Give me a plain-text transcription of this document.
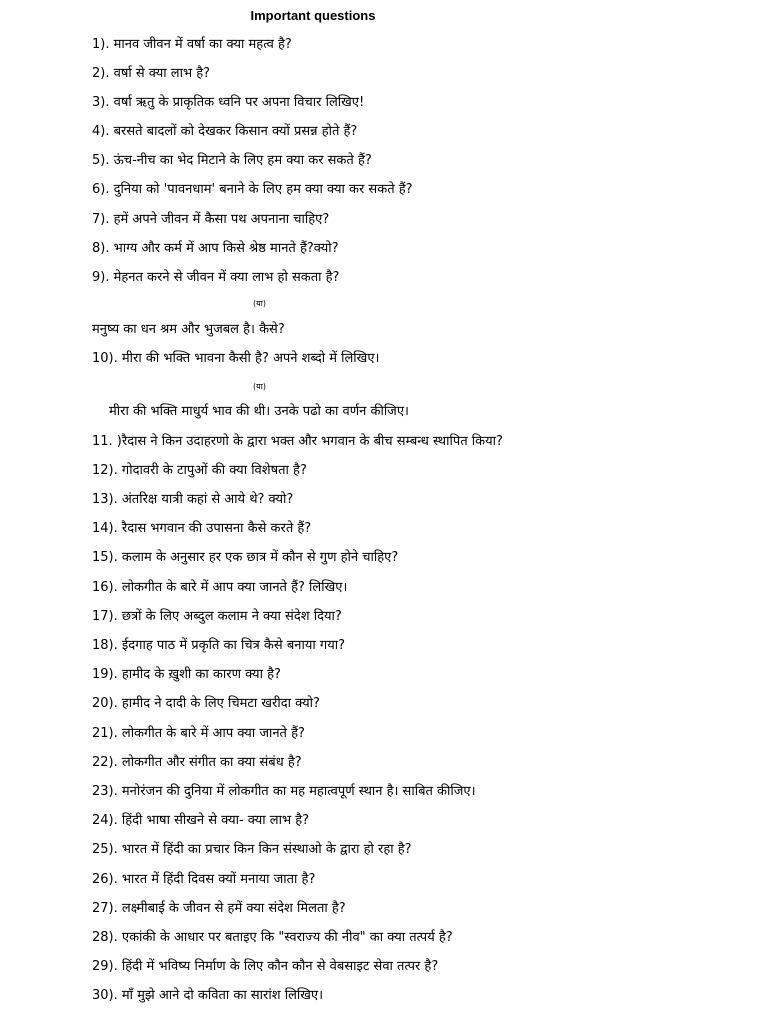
Important questions
1). मानव जीवन में वर्षा का क्या महत्व है?
2). वर्षा से क्या लाभ है?
3). वर्षा ऋतु के प्राकृतिक ध्वनि पर अपना विचार लिखिए!
4). बरसते बादलों को देखकर किसान क्यों प्रसन्न होते हैं?
5). ऊंच-नीच का भेद मिटाने के लिए हम क्या कर सकते हैं?
6). दुनिया को 'पावनधाम' बनाने के लिए हम क्या क्या कर सकते हैं?
7). हमें अपने जीवन में कैसा पथ अपनाना चाहिए?
8). भाग्य और कर्म में आप किसे श्रेष्ठ मानते हैं?क्यो?
9). मेहनत करने से जीवन में क्या लाभ हो सकता है?
(या)
मनुष्य का धन श्रम और भुजबल है। कैसे?
10). मीरा की भक्ति भावना कैसी है? अपने शब्दो में लिखिए।
(या)
मीरा की भक्ति माधुर्य भाव की थी। उनके पढो का वर्णन कीजिए।
11. )रैदास ने किन उदाहरणो के द्वारा भक्त और भगवान के बीच सम्बन्ध स्थापित किया?
12). गोदावरी के टापुओं की क्या विशेषता है?
13). अंतरिक्ष यात्री कहां से आये थे? क्यो?
14). रैदास भगवान की उपासना कैसे करते हैं?
15). कलाम के अनुसार हर एक छात्र में कौन से गुण होने चाहिए?
16). लोकगीत के बारे में आप क्या जानते हैं? लिखिए।
17). छत्रों के लिए अब्दुल कलाम ने क्या संदेश दिया?
18). ईदगाह पाठ में प्रकृति का चित्र कैसे बनाया गया?
19). हामीद के ख़ुशी का कारण क्या है?
20). हामीद ने दादी के लिए चिमटा खरीदा क्यो?
21). लोकगीत के बारे में आप क्या जानते हैं?
22). लोकगीत और संगीत का क्या संबंध है?
23). मनोरंजन की दुनिया में लोकगीत का मह महात्वपूर्ण स्थान है। साबित कीजिए।
24). हिंदी भाषा सीखने से क्या- क्या लाभ है?
25). भारत में हिंदी का प्रचार किन किन संस्थाओ के द्वारा हो रहा है?
26). भारत में हिंदी दिवस क्यों मनाया जाता है?
27). लक्ष्मीबाई के जीवन से हमें क्या संदेश मिलता है?
28). एकांकी के आधार पर बताइए कि "स्वराज्य की नीव" का क्या तत्पर्य है?
29). हिंदी में भविष्य निर्माण के लिए कौन कौन से वेबसाइट सेवा तत्पर है?
30). माँ मुझे आने दो कविता का सारांश लिखिए।
